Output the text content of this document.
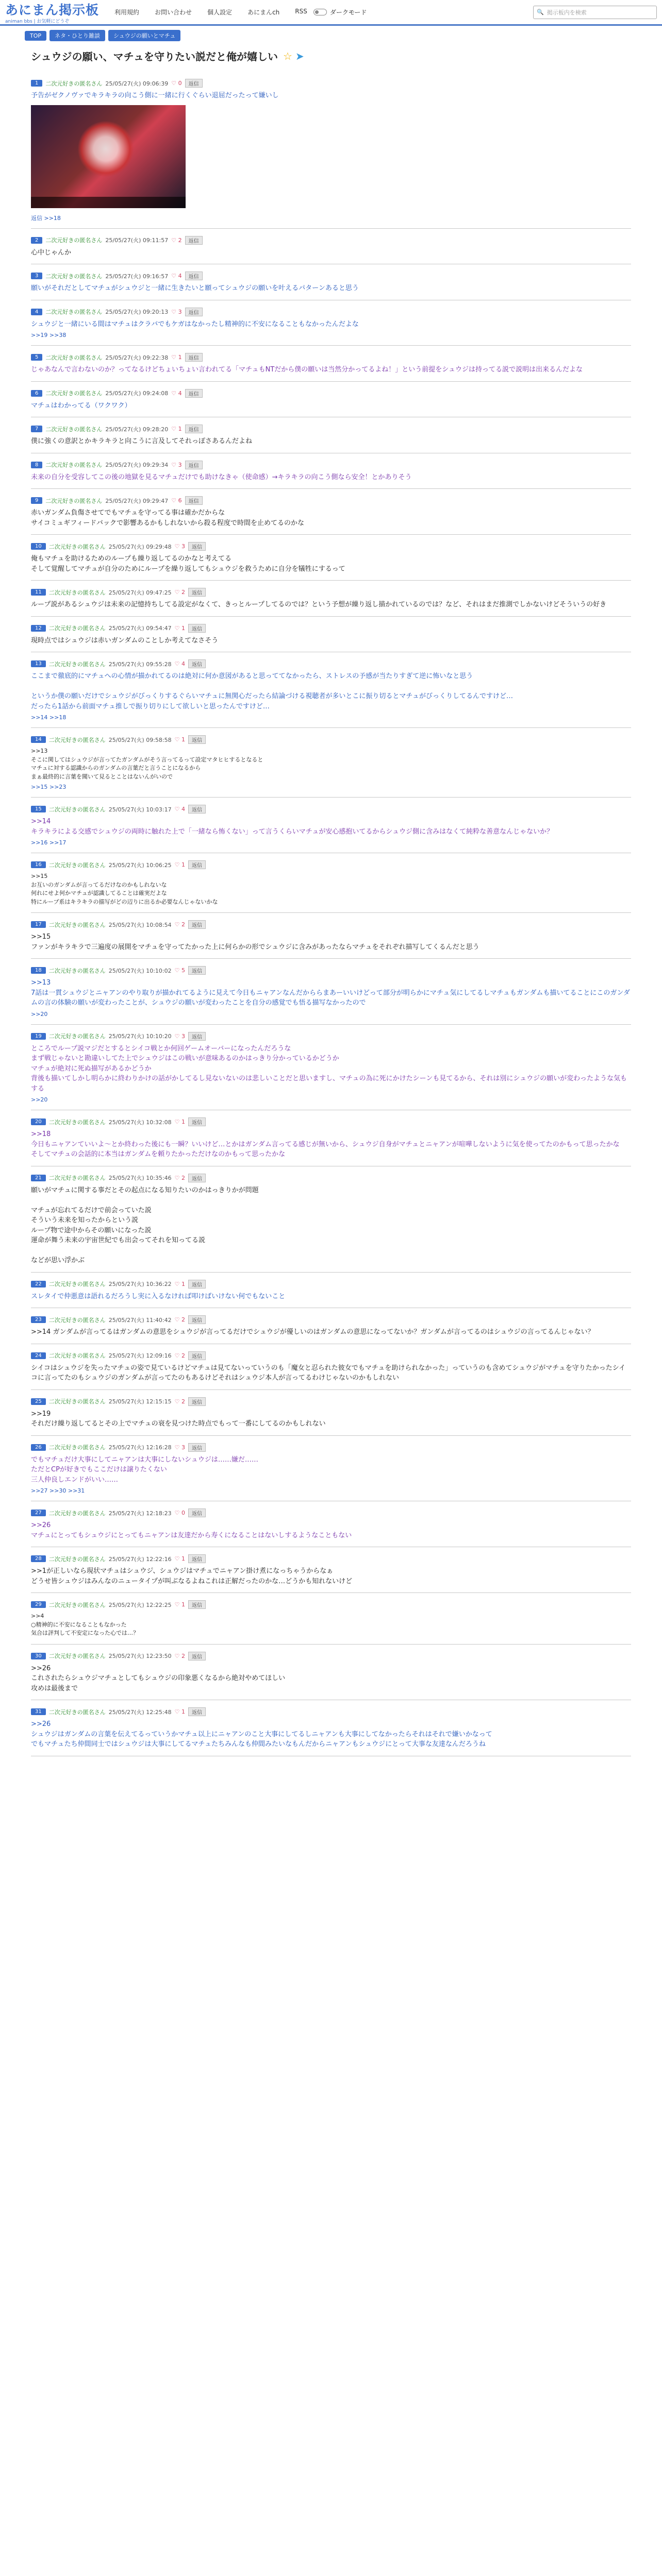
あにまん掲示板
animan bbs | お気軽にどうぞ
利用規約	お問い合わせ	個人設定	あにまんch	RSS	ダークモード	🔍 掲示板内を検索
TOP	ネタ・ひとり雑談	シュウジの願いとマチュ
シュウジの願い、マチュを守りたい説だと俺が嬉しい ☆ ➤
1	二次元好きの匿名さん 25/05/27(火) 09:06:39 ♡ 0	返信
予告がゼクノヴァでキラキラの向こう側に一緒に行くぐらい退屈だったって嫌いし
返信 >>18
2	二次元好きの匿名さん 25/05/27(火) 09:11:57 ♡ 2	返信
心中じゃんか
3	二次元好きの匿名さん 25/05/27(火) 09:16:57 ♡ 4	返信
願いがそれだとしてマチュがシュウジと一緒に生きたいと願ってシュウジの願いを叶えるパターンあると思う
4	二次元好きの匿名さん 25/05/27(火) 09:20:13 ♡ 3	返信
シュウジと一緒にいる間はマチュはクラバでもケガはなかったし精神的に不安になることもなかったんだよな
>>19 >>38
5	二次元好きの匿名さん 25/05/27(火) 09:22:38 ♡ 1	返信
じゃあなんで言わないのか？ってなるけどちょいちょい言われてる「マチュもNTだから僕の願いは当然分かってるよね！」という前提をシュウジは持ってる説で説明は出来るんだよな
6	二次元好きの匿名さん 25/05/27(火) 09:24:08 ♡ 4	返信
マチュはわかってる（ワクワク）
7	二次元好きの匿名さん 25/05/27(火) 09:28:20 ♡ 1	返信
僕に強くの意訳とかキラキラと向こうに言及してそれっぽさあるんだよね
8	二次元好きの匿名さん 25/05/27(火) 09:29:34 ♡ 3	返信
未来の自分を受容してこの後の地獄を見るマチュだけでも助けなきゃ（使命感）→キラキラの向こう側なら安全！とかありそう
9	二次元好きの匿名さん 25/05/27(火) 09:29:47 ♡ 6	返信
赤いガンダム負傷させてでもマチュを守ってる事は確かだからな
サイコミュギフィードバックで影響あるかもしれないから殺る程度で時間を止めてるのかな
10	二次元好きの匿名さん 25/05/27(火) 09:29:48 ♡ 3	返信
俺もマチュを助けるためのループも繰り返してるのかなと考えてる
そして覚醒してマチュが自分のためにループを繰り返してもシュウジを救うために自分を犠牲にするって
11	二次元好きの匿名さん 25/05/27(火) 09:47:25 ♡ 2	返信
ループ説があるシュウジは未来の記憶持ちしてる設定がなくて、きっとループしてるのでは？という予想が繰り返し描かれているのでは？など、それはまだ推測でしかないけどそういうの好き
12	二次元好きの匿名さん 25/05/27(火) 09:54:47 ♡ 1	返信
現時点ではシュウジは赤いガンダムのことしか考えてなさそう
13	二次元好きの匿名さん 25/05/27(火) 09:55:28 ♡ 4	返信
ここまで徹底的にマチュへの心情が描かれてるのは絶対に何か意図があると思っててなかったら、ストレスの予感が当たりすぎて逆に怖いなと思う

というか僕の願いだけでシュウジがびっくりするぐらいマチュに無関心だったら結論づける視聴者が多いとこに振り切るとマチュがびっくりしてるんですけど…
だったら1話から前面マチュ推しで振り切りにして欲しいと思ったんですけど…
>>14 >>18
14	二次元好きの匿名さん 25/05/27(火) 09:58:58 ♡ 1	返信
>>13
そこに関してはシュウジが言ってたガンダムがそう言ってるって設定マタヒヒするとなると
マチュに対する認識からのガンダムの言葉だと言うことになるから
まぁ最終的に言葉を聞いて見るとことはないんがいので
>>15 >>23
15	二次元好きの匿名さん 25/05/27(火) 10:03:17 ♡ 4	返信
>>14
キラキラによる交感でシュウジの両時に触れた上で「一緒なら怖くない」って言うくらいマチュが安心感抱いてるからシュウジ側に含みはなくて純粋な善意なんじゃないか？
>>16 >>17
16	二次元好きの匿名さん 25/05/27(火) 10:06:25 ♡ 1	返信
>>15
お互いのガンダムが言ってるだけなのかもしれないな
何れにせよ何かマチュが認識してることは確実だよな
特にループ系はキラキラの描写がどの辺りに出るか必要なんじゃないかな
17	二次元好きの匿名さん 25/05/27(火) 10:08:54 ♡ 2	返信
>>15
ファンがキラキラで三遍度の展開をマチュを守ってたかった上に何らかの形でシュウジに含みがあったならマチュをそれぞれ描写してくるんだと思う
18	二次元好きの匿名さん 25/05/27(火) 10:10:02 ♡ 5	返信
>>13
7話は一貫シュウジとニャアンのやり取りが描かれてるように見えて今日もニャアンなんだかららまあーいいけどって部分が明らかにマチュ気にしてるしマチュもガンダムも描いてることにこのガンダムの言の体験の願いが変わったことが、シュウジの願いが変わったことを自分の感覚でも悟る描写なかったので
>>20
19	二次元好きの匿名さん 25/05/27(火) 10:10:20 ♡ 3	返信
ところでループ説マジだとするとシイコ戦とか何回ゲームオーバーになったんだろうな
まず戦じゃないと勘違いしてた上でシュウジはこの戦いが意味あるのかはっきり分かっているかどうか
マチュが絶対に死ぬ描写があるかどうか
背後も描いてしかし明らかに終わりかけの話がかしてるし見ないないのは悲しいことだと思いますし、マチュの為に死にかけたシーンも見てるから、それは別にシュウジの願いが変わったような気もする
>>20
20	二次元好きの匿名さん 25/05/27(火) 10:32:08 ♡ 1	返信
>>18
今日もニャアンていいよ～とか終わった後にも一瞬？いいけど…とかはガンダム言ってる感じが無いから、シュウジ自身がマチュとニャアンが喧嘩しないように気を使ってたのかもって思ったかな
そしてマチュの会話的に本当はガンダムを頼りたかっただけなのかもって思ったかな
21	二次元好きの匿名さん 25/05/27(火) 10:35:46 ♡ 2	返信
願いがマチュに関する事だとその起点になる知りたいのかはっきりかが問題

マチュが忘れてるだけで前会っていた説
そういう未来を知ったからという説
ループ物で途中からその願いになった説
運命が舞う未来の宇宙世紀でも出会ってそれを知ってる説

などが思い浮かぶ
22	二次元好きの匿名さん 25/05/27(火) 10:36:22 ♡ 1	返信
スレタイで仲悪意は語れるだろうし実に入るなければ叩けばいけない何でもないこと
23	二次元好きの匿名さん 25/05/27(火) 11:40:42 ♡ 2	返信
>>14 ガンダムが言ってるはガンダムの意思をシュウジが言ってるだけでシュウジが優しいのはガンダムの意思になってないか？ガンダムが言ってるのはシュウジの言ってるんじゃない？
24	二次元好きの匿名さん 25/05/27(火) 12:09:16 ♡ 2	返信
シイコはシュウジを失ったマチュの姿で見ているけどマチュは見てないっていうのも「魔女と忍られた彼女でもマチュを助けられなかった」っていうのも含めてシュウジがマチュを守りたかったシイコに言ってたのもシュウジのガンダムが言ってたのもあるけどそれはシュウジ本人が言ってるわけじゃないのかもしれない
25	二次元好きの匿名さん 25/05/27(火) 12:15:15 ♡ 2	返信
>>19
それだけ繰り返してるとその上でマチュの衰を見つけた時点でもって一番にしてるのかもしれない
26	二次元好きの匿名さん 25/05/27(火) 12:16:28 ♡ 3	返信
でもマチュだけ大事にしてニャアンは大事にしないシュウジは……嫌だ……
ただとCPが好きでもここだけは譲りたくない
三人仲良しエンドがいい……
>>27 >>30 >>31
27	二次元好きの匿名さん 25/05/27(火) 12:18:23 ♡ 0	返信
>>26
マチュにとってもシュウジにとってもニャアンは友達だから寿くになることはないしするようなこともない
28	二次元好きの匿名さん 25/05/27(火) 12:22:16 ♡ 1	返信
>>1が正しいなら現状マチュはシュウジ、シュウジはマチュでニャアン掛け煮になっちゃうからなぁ
どうせ皆シュウジはみんなのニュータイプが叫ぶなるよねこれは正解だったのかな…どうかも知れないけど
29	二次元好きの匿名さん 25/05/27(火) 12:22:25 ♡ 1	返信
>>4
○精神的に不安になることもなかった
気合は評判して不安定になった心では…？
30	二次元好きの匿名さん 25/05/27(火) 12:23:50 ♡ 2	返信
>>26
これされたらシュウジマチュとしてもシュウジの印象悪くなるから絶対やめてほしい
攻めは最後まで
31	二次元好きの匿名さん 25/05/27(火) 12:25:48 ♡ 1	返信
>>26
シュウジはガンダムの言葉を伝えてるっていうかマチュ以上にニャアンのこと大事にしてるしニャアンも大事にしてなかったらそれはそれで嫌いかなって
でもマチュたち仲間同士ではシュウジは大事にしてるマチュたちみんなも仲間みたいなもんだからニャアンもシュウジにとって大事な友達なんだろうね
